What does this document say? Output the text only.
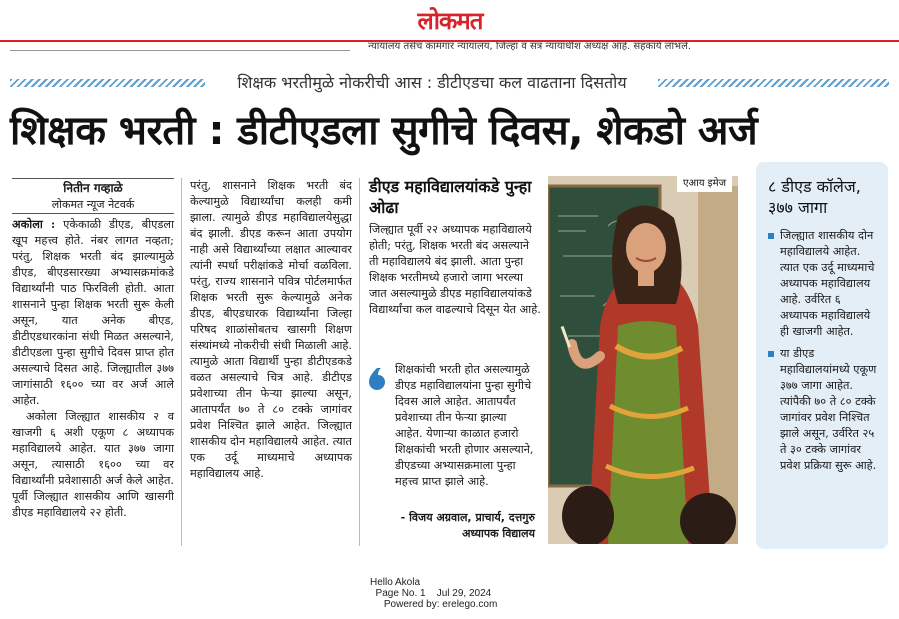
लोकमत
न्यायालय तसेच कामगार न्यायालय, जिल्हा व सत्र न्यायाधीश अध्यक्ष आहे. सहकार्य लाभले.
शिक्षक भरतीमुळे नोकरीची आस : डीटीएडचा कल वाढताना दिसतोय
शिक्षक भरती : डीटीएडला सुगीचे दिवस, शेकडो अर्ज
नितीन गव्हाळे
लोकमत न्यूज नेटवर्क

अकोला : एकेकाळी डीएड, बीएडला खूप महत्त्व होते. नंबर लागत नव्हता; परंतु, शिक्षक भरती बंद झाल्यामुळे डीएड, बीएडसारख्या अभ्यासक्रमांकडे विद्यार्थ्यांनी पाठ फिरविली होती. आता शासनाने पुन्हा शिक्षक भरती सुरू केली असून, यात अनेक बीएड, डीटीएडधारकांना संधी मिळत असल्याने, डीटीएडला पुन्हा सुगीचे दिवस प्राप्त होत असल्याचे दिसत आहे. जिल्ह्यातील ३७७ जागांसाठी १६०० च्या वर अर्ज आले आहेत.

अकोला जिल्ह्यात शासकीय २ व खाजगी ६ अशी एकूण ८ अध्यापक महाविद्यालये आहेत. यात ३७७ जागा असून, त्यासाठी १६०० च्या वर विद्यार्थ्यांनी प्रवेशासाठी अर्ज केले आहेत. पूर्वी जिल्ह्यात शासकीय आणि खासगी डीएड महाविद्यालये २२ होती.

परंतु, शासनाने शिक्षक भरती बंद केल्यामुळे विद्यार्थ्यांचा कलही कमी झाला. त्यामुळे डीएड महाविद्यालयेसुद्धा बंद झाली. डीएड करून आता उपयोग नाही असे विद्यार्थ्यांच्या लक्षात आल्यावर त्यांनी स्पर्धा परीक्षांकडे मोर्चा वळविला. परंतु, राज्य शासनाने पवित्र पोर्टलमार्फत शिक्षक भरती सुरू केल्यामुळे अनेक डीएड, बीएडधारक विद्यार्थ्यांना जिल्हा परिषद शाळांसोबतच खासगी शिक्षण संस्थांमध्ये नोकरीची संधी मिळाली आहे. त्यामुळे आता विद्यार्थी पुन्हा डीटीएडकडे वळत असल्याचे चित्र आहे. डीटीएड प्रवेशाच्या तीन फेऱ्या झाल्या असून, आतापर्यंत ७० ते ८० टक्के जागांवर प्रवेश निश्चित झाले आहेत. जिल्ह्यात शासकीय दोन महाविद्यालये आहेत. त्यात एक उर्दू माध्यमाचे अध्यापक महाविद्यालय आहे.

डीएड महाविद्यालयांकडे पुन्हा ओढा
जिल्ह्यात पूर्वी २२ अध्यापक महाविद्यालये होती; परंतु, शिक्षक भरती बंद असल्याने ती महाविद्यालये बंद झाली. आता पुन्हा शिक्षक भरतीमध्ये हजारो जागा भरल्या जात असल्यामुळे डीएड महाविद्यालयांकडे विद्यार्थ्यांचा कल वाढल्याचे दिसून येत आहे.
शिक्षकांची भरती होत असल्यामुळे डीएड महाविद्यालयांना पुन्हा सुगीचे दिवस आले आहेत. आतापर्यंत प्रवेशाच्या तीन फेऱ्या झाल्या आहेत. येणाऱ्या काळात हजारो शिक्षकांची भरती होणार असल्याने, डीएडच्या अभ्यासक्रमाला पुन्हा महत्त्व प्राप्त झाले आहे.
- विजय अग्रवाल, प्राचार्य, दत्तगुरु अध्यापक विद्यालय
एआय इमेज	८ डीएड कॉलेज, ३७७ जागा
जिल्ह्यात शासकीय दोन महाविद्यालये आहेत. त्यात एक उर्दू माध्यमाचे अध्यापक महाविद्यालय आहे. उर्वरित ६ अध्यापक महाविद्यालये ही खाजगी आहेत.
या डीएड महाविद्यालयांमध्ये एकूण ३७७ जागा आहेत. त्यांपैकी ७० ते ८० टक्के जागांवर प्रवेश निश्चित झाले असून, उर्वरित २५ ते ३० टक्के जागांवर प्रवेश प्रक्रिया सुरू आहे.
Hello Akola
Page No. 1    Jul 29, 2024
Powered by: erelego.com
